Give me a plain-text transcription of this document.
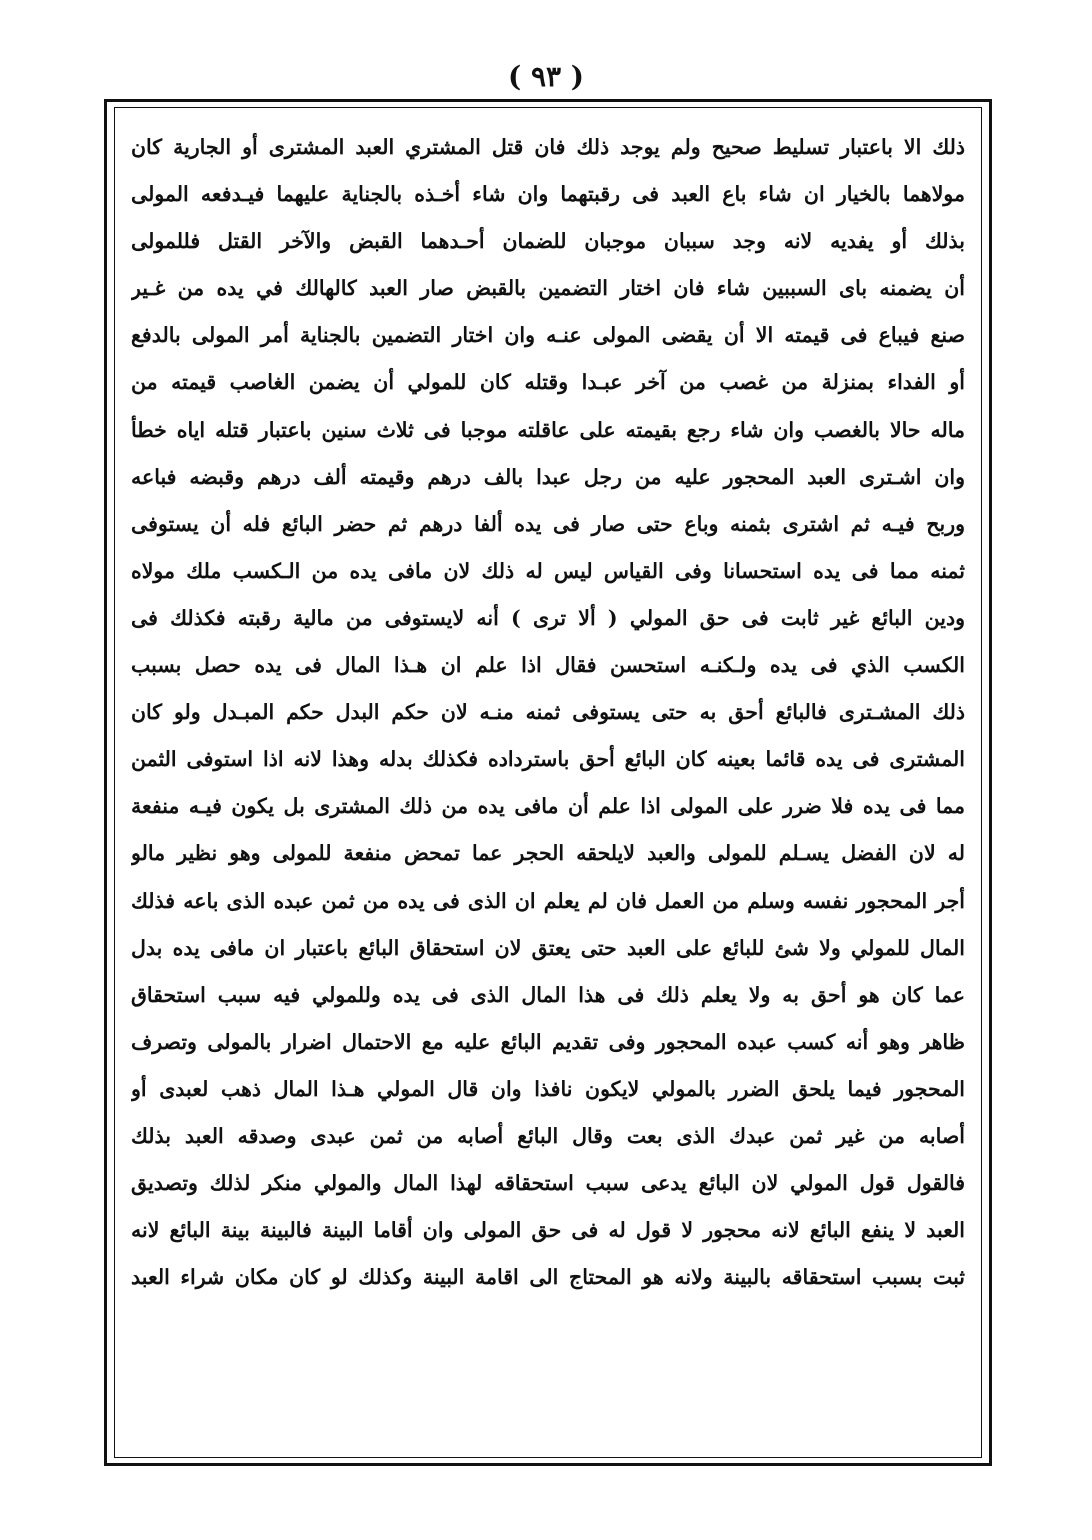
( ٩٣ )
ذلك الا باعتبار تسليط صحيح ولم يوجد ذلك فان قتل المشتري العبد المشترى أو الجارية كان
مولاهما بالخيار ان شاء باع العبد فى رقبتهما وان شاء أخـذه بالجناية عليهما فيـدفعه المولى
بذلك أو يفديه لانه وجد سببان موجبان للضمان أحـدهما القبض والآخر القتل فللمولى
أن يضمنه باى السببين شاء فان اختار التضمين بالقبض صار العبد كالهالك في يده من غـير
صنع فيباع فى قيمته الا أن يقضى المولى عنـه وان اختار التضمين بالجناية أمر المولى بالدفع
أو الفداء بمنزلة من غصب من آخر عبـدا وقتله كان للمولي أن يضمن الغاصب قيمته من
ماله حالا بالغصب وان شاء رجع بقيمته على عاقلته موجبا فى ثلاث سنين باعتبار قتله اياه خطأ
وان اشـترى العبد المحجور عليه من رجل عبدا بالف درهم وقيمته ألف درهم وقبضه فباعه
وربح فيـه ثم اشترى بثمنه وباع حتى صار فى يده ألفا درهم ثم حضر البائع فله أن يستوفى
ثمنه مما فى يده استحسانا وفى القياس ليس له ذلك لان مافى يده من الـكسب ملك مولاه
ودين البائع غير ثابت فى حق المولي ( ألا ترى ) أنه لايستوفى من مالية رقبته فكذلك فى
الكسب الذي فى يده ولـكنـه استحسن فقال اذا علم ان هـذا المال فى يده حصل بسبب
ذلك المشـترى فالبائع أحق به حتى يستوفى ثمنه منـه لان حكم البدل حكم المبـدل ولو كان
المشترى فى يده قائما بعينه كان البائع أحق باسترداده فكذلك بدله وهذا لانه اذا استوفى الثمن
مما فى يده فلا ضرر على المولى اذا علم أن مافى يده من ذلك المشترى بل يكون فيـه منفعة
له لان الفضل يسـلم للمولى والعبد لايلحقه الحجر عما تمحض منفعة للمولى وهو نظير مالو
أجر المحجور نفسه وسلم من العمل فان لم يعلم ان الذى فى يده من ثمن عبده الذى باعه فذلك
المال للمولي ولا شئ للبائع على العبد حتى يعتق لان استحقاق البائع باعتبار ان مافى يده بدل
عما كان هو أحق به ولا يعلم ذلك فى هذا المال الذى فى يده وللمولي فيه سبب استحقاق
ظاهر وهو أنه كسب عبده المحجور وفى تقديم البائع عليه مع الاحتمال اضرار بالمولى وتصرف
المحجور فيما يلحق الضرر بالمولي لايكون نافذا وان قال المولي هـذا المال ذهب لعبدى أو
أصابه من غير ثمن عبدك الذى بعت وقال البائع أصابه من ثمن عبدى وصدقه العبد بذلك
فالقول قول المولي لان البائع يدعى سبب استحقاقه لهذا المال والمولي منكر لذلك وتصديق
العبد لا ينفع البائع لانه محجور لا قول له فى حق المولى وان أقاما البينة فالبينة بينة البائع لانه
ثبت بسبب استحقاقه بالبينة ولانه هو المحتاج الى اقامة البينة وكذلك لو كان مكان شراء العبد
